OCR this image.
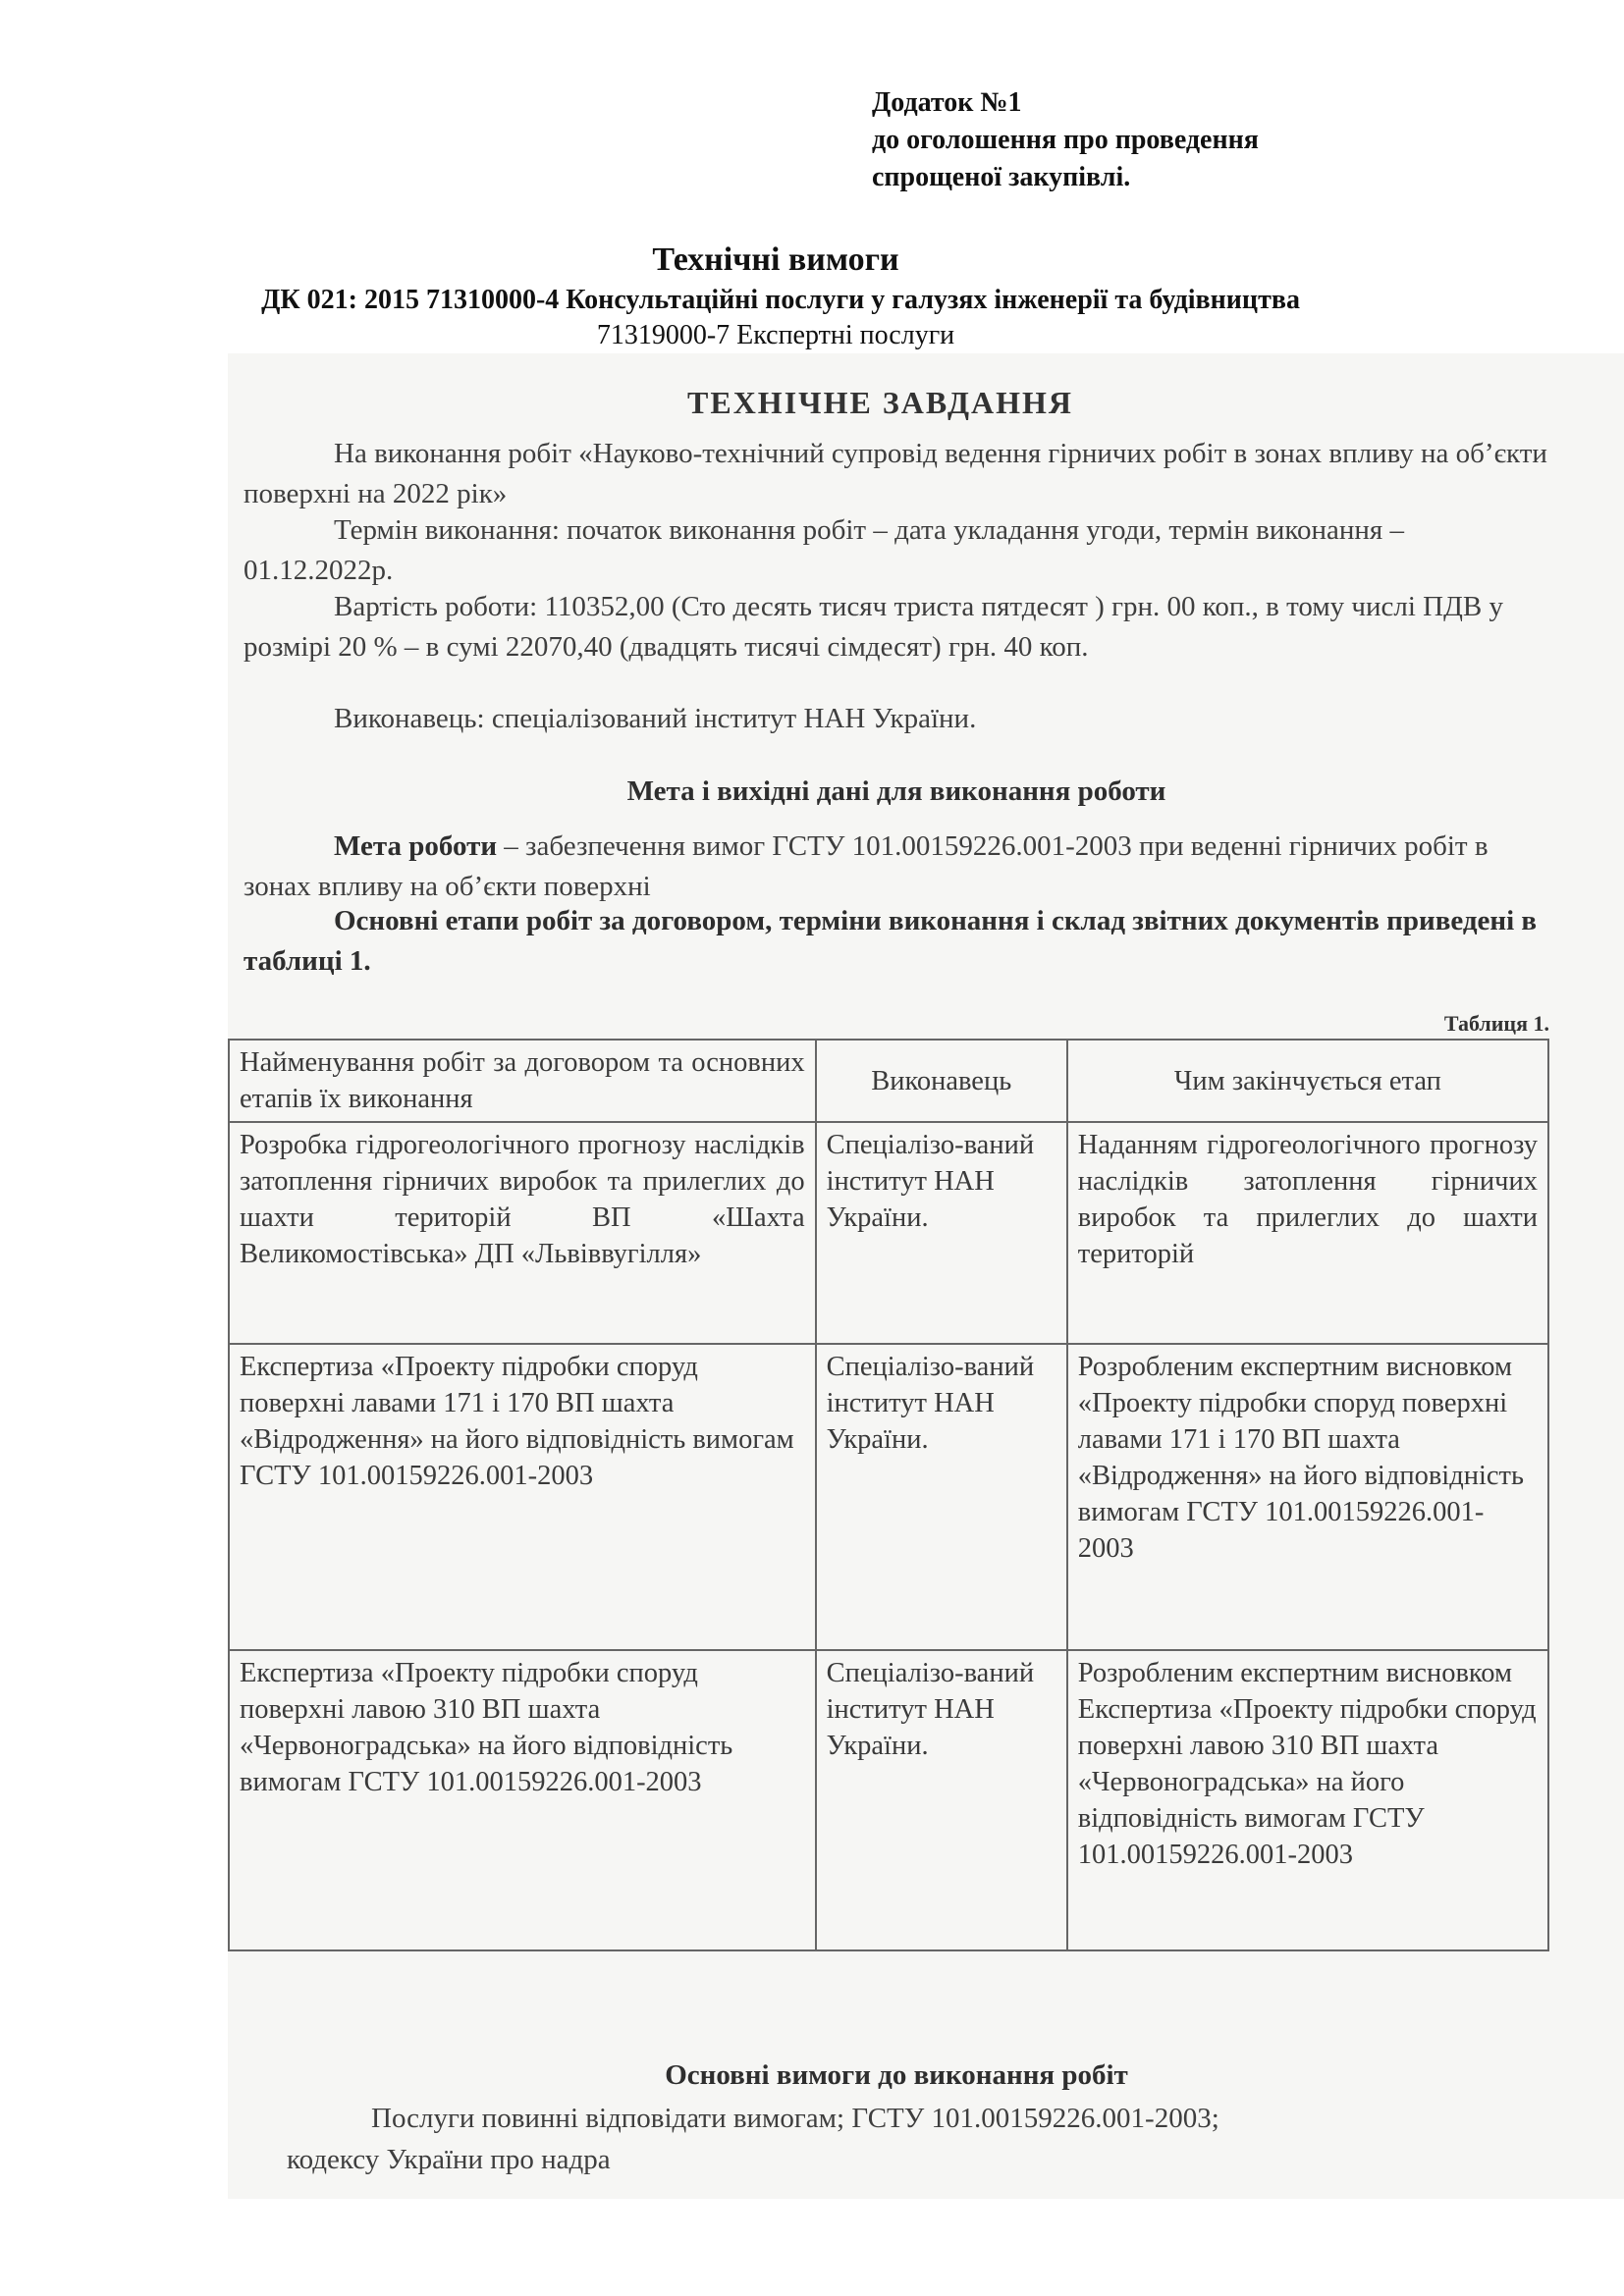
Додаток №1
до оголошення про проведення
спрощеної закупівлі.
Технічні вимоги
ДК 021: 2015 71310000-4 Консультаційні послуги у галузях інженерії та будівництва
71319000-7 Експертні послуги
ТЕХНІЧНЕ ЗАВДАННЯ
На виконання робіт «Науково-технічний супровід ведення гірничих робіт в зонах впливу на об’єкти поверхні на 2022 рік»
Термін виконання: початок виконання робіт – дата укладання угоди, термін виконання – 01.12.2022р.
Вартість роботи: 110352,00 (Сто десять тисяч триста пятдесят ) грн. 00 коп., в тому числі ПДВ у розмірі 20 % – в сумі 22070,40 (двадцять тисячі сімдесят) грн. 40 коп.
Виконавець: спеціалізований інститут НАН України.
Мета і вихідні дані для виконання роботи
Мета роботи – забезпечення вимог ГСТУ 101.00159226.001-2003 при веденні гірничих робіт в зонах впливу на об’єкти поверхні
Основні етапи робіт за договором, терміни виконання і склад звітних документів приведені в таблиці 1.
Таблиця 1.
Найменування робіт за договором та основних етапів їх виконання	Виконавець	Чим закінчується етап
Розробка гідрогеологічного прогнозу наслідків затоплення гірничих виробок та прилеглих до шахти територій ВП «Шахта Великомостівська» ДП «Львіввугілля»	Спеціалізо-ваний інститут НАН України.	Наданням гідрогеологічного прогнозу наслідків затоплення гірничих виробок та прилеглих до шахти територій
Експертиза «Проекту підробки споруд поверхні лавами 171 і 170 ВП шахта «Відродження» на його відповідність вимогам ГСТУ 101.00159226.001-2003	Спеціалізо-ваний інститут НАН України.	Розробленим експертним висновком «Проекту підробки споруд поверхні лавами 171 і 170 ВП шахта «Відродження» на його відповідність вимогам ГСТУ 101.00159226.001-2003
Експертиза «Проекту підробки споруд поверхні лавою 310 ВП шахта «Червоноградська» на його відповідність вимогам ГСТУ 101.00159226.001-2003	Спеціалізо-ваний інститут НАН України.	Розробленим експертним висновком Експертиза «Проекту підробки споруд поверхні лавою 310 ВП шахта «Червоноградська» на його відповідність вимогам ГСТУ 101.00159226.001-2003
Основні вимоги до виконання робіт
Послуги повинні відповідати вимогам; ГСТУ 101.00159226.001-2003;
кодексу України про надра
